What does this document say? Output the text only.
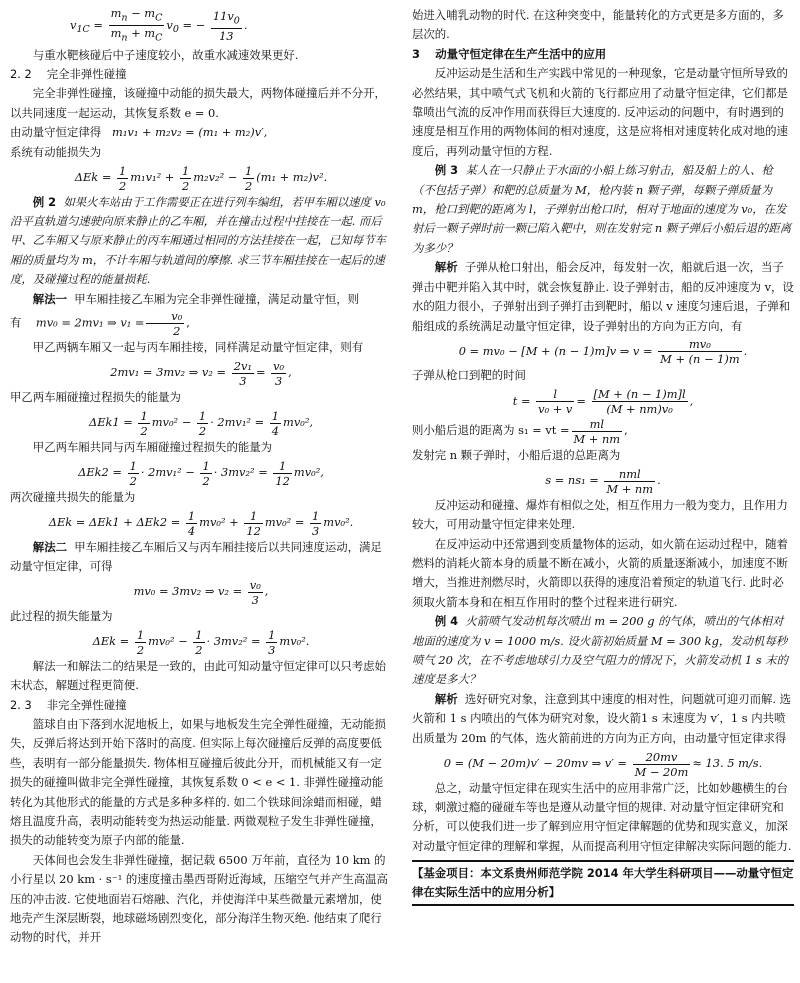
$v_{1C} = \frac{m_n - m_C}{m_n + m_C} v_0$ = − $\frac{11v_0}{13}$ .

与重水靶核碰后中子速度较小，故重水减速效果更好.

2. 2　 完全非弹性碰撞

完全非弹性碰撞，该碰撞中动能的损失最大，两物体碰撞后并不分开，以共同速度一起运动，其恢复系数 e = 0.

由动量守恒定律得 m₁v₁ + m₂v₂ = (m₁ + m₂)v′,

系统有动能损失为

$\Delta Ek = \frac{1}{2} m_1v_1^2 + \frac{1}{2} m_2v_2^2 - \frac{1}{2} (m_1 + m_2)v^2$.

例 2 如果火车站由于工作需要正在进行列车编组，若甲车厢以速度 v₀ 沿平直轨道匀速驶向原来静止的乙车厢，并在撞击过程中挂接在一起. 而后甲、乙车厢又与原来静止的丙车厢通过相同的方法挂接在一起，已知每节车厢的质量均为 m，不计车厢与轨道间的摩擦. 求三节车厢挂接在一起后的速度，及碰撞过程的能量损耗.

解法一 甲车厢挂接乙车厢为完全非弹性碰撞，满足动量守恒，则有 mv₀ = 2mv₁ ⇒ $v_1 = \frac{\text{v₀}}{2}$ ,

甲乙两辆车厢又一起与丙车厢挂接，同样满足动量守恒定律，则有

2mv₁ = 3mv₂ ⇒ $v_2 = \frac{\text{2v₁}}{3} = \frac{\text{v₀}}{3}$ ,

甲乙两车厢碰撞过程损失的能量为

$\Delta Ek1 = \frac{1}{2} mv_0^2 - \frac{1}{2} \cdot 2mv_1^2 = \frac{1}{4} mv_0^2$,

甲乙两车厢共同与丙车厢碰撞过程损失的能量为

$\Delta Ek2 = \frac{1}{2} \cdot 2mv_1^2 - \frac{1}{2} \cdot 3mv_2^2 = \frac{1}{12} mv_0^2$,

两次碰撞共损失的能量为

$\Delta Ek = \Delta Ek1 + \Delta Ek2 = \frac{1}{4} mv_0^2 + \frac{1}{12} mv_0^2 = \frac{1}{3} mv_0^2$.

解法二 甲车厢挂接乙车厢后又与丙车厢挂接后以共同速度运动，满足动量守恒定律，可得

mv₀ = 3mv₂ ⇒ $v_2 = \frac{\text{v₀}}{3}$ ,

此过程的损失能量为

$\Delta Ek = \frac{1}{2} mv_0^2 - \frac{1}{2} \cdot 3mv_2^2 = \frac{1}{3} mv_0^2$.

解法一和解法二的结果是一致的，由此可知动量守恒定律可以只考虑始末状态，解题过程更简便.

2. 3　 非完全弹性碰撞

篮球自由下落到水泥地板上，如果与地板发生完全弹性碰撞，无动能损失，反弹后将达到开始下落时的高度. 但实际上每次碰撞后反弹的高度要低些，表明有一部分能量损失. 物体相互碰撞后彼此分开，而机械能又有一定损失的碰撞叫做非完全弹性碰撞，其恢复系数 0 < e < 1. 非弹性碰撞动能转化为其他形式的能量的方式是多种多样的. 如二个铁球间涂蜡而相碰，蜡熔且温度升高，表明动能转变为热运动能量. 两微观粒子发生非弹性碰撞，损失的动能转变为原子内部的能量.

天体间也会发生非弹性碰撞，据记载 6500 万年前，直径为 10 km 的小行星以 20 km · s⁻¹ 的速度撞击墨西哥附近海域，压缩空气并产生高温高压的冲击波. 它使地面岩石熔融、汽化，并使海洋中某些微量元素增加，使地壳产生深层断裂，地球磁场剧烈变化，部分海洋生物灭绝. 他结束了爬行动物的时代，并开

始进入哺乳动物的时代. 在这种突变中，能量转化的方式更是多方面的，多层次的.

3　 动量守恒定律在生产生活中的应用

反冲运动是生活和生产实践中常见的一种现象，它是动量守恒所导致的必然结果，其中喷气式飞机和火箭的飞行都应用了动量守恒定律，它们都是靠喷出气流的反冲作用而获得巨大速度的. 反冲运动的问题中，有时遇到的速度是相互作用的两物体间的相对速度，这是应将相对速度转化成对地的速度后，再列动量守恒的方程.

例 3 某人在一只静止于水面的小船上练习射击，船及船上的人、枪（不包括子弹）和靶的总质量为 M，枪内装 n 颗子弹，每颗子弹质量为 m，枪口到靶的距离为 l，子弹射出枪口时，相对于地面的速度为 v₀，在发射后一颗子弹时前一颗已陷入靶中，则在发射完 n 颗子弹后小船后退的距离为多少？

解析 子弹从枪口射出，船会反冲，每发射一次，船就后退一次，当子弹击中靶并陷入其中时，就会恢复静止. 设子弹射击，船的反冲速度为 v，设水的阻力很小，子弹射出到子弹打击到靶时，船以 v 速度匀速后退，子弹和船组成的系统满足动量守恒定律，设子弹射出的方向为正方向，有

0 = mv₀ − [M + (n − 1)m]v ⇒ $v = \frac{\text{mv₀}}{M + (n - 1)m}$ .

子弹从枪口到靶的时间

$t = \frac{l}{\text{v₀ + v}} = \frac{[M + (n - 1)m]l}{\text{(M + nm)v₀}}$ ,

则小船后退的距离为 s₁ = vt = $\frac{ml}{M + nm}$ ,

发射完 n 颗子弹时，小船后退的总距离为

$s = ns_1 = \frac{\text{nml}}{M + nm}$ .

反冲运动和碰撞、爆炸有相似之处，相互作用力一般为变力，且作用力较大，可用动量守恒定律来处理.

在反冲运动中还常遇到变质量物体的运动，如火箭在运动过程中，随着燃料的消耗火箭本身的质量不断在减小，火箭的质量逐渐减小，加速度不断增大，当推进剂燃尽时，火箭即以获得的速度沿着预定的轨道飞行. 此时必须取火箭本身和在相互作用时的整个过程来进行研究.

例 4 火箭喷气发动机每次喷出 m = 200 g 的气体，喷出的气体相对地面的速度为 v = 1000 m/s. 设火箭初始质量 M = 300 kg，发动机每秒喷气 20 次，在不考虑地球引力及空气阻力的情况下，火箭发动机 1 s 末的速度是多大？

解析 选好研究对象，注意到其中速度的相对性，问题就可迎刃而解. 选火箭和 1 s 内喷出的气体为研究对象，设火箭1 s 末速度为 v′，1 s 内共喷出质量为 20m 的气体，选火箭前进的方向为正方向，由动量守恒定律求得

0 = (M − 20m)v′ − 20mv ⇒ $v' = \frac{20mv}{M - 20m} \approx 13$. 5 m/s.

总之，动量守恒定律在现实生活中的应用非常广泛，比如妙趣横生的台球，刺激过瘾的碰碰车等也是遵从动量守恒的规律. 对动量守恒定律研究和分析，可以使我们进一步了解到应用守恒定律解题的优势和现实意义，加深对动量守恒定律的理解和掌握，从而提高利用守恒定律解决实际问题的能力.

【基金项目：本文系贵州师范学院 2014 年大学生科研项目——动量守恒定律在实际生活中的应用分析】
